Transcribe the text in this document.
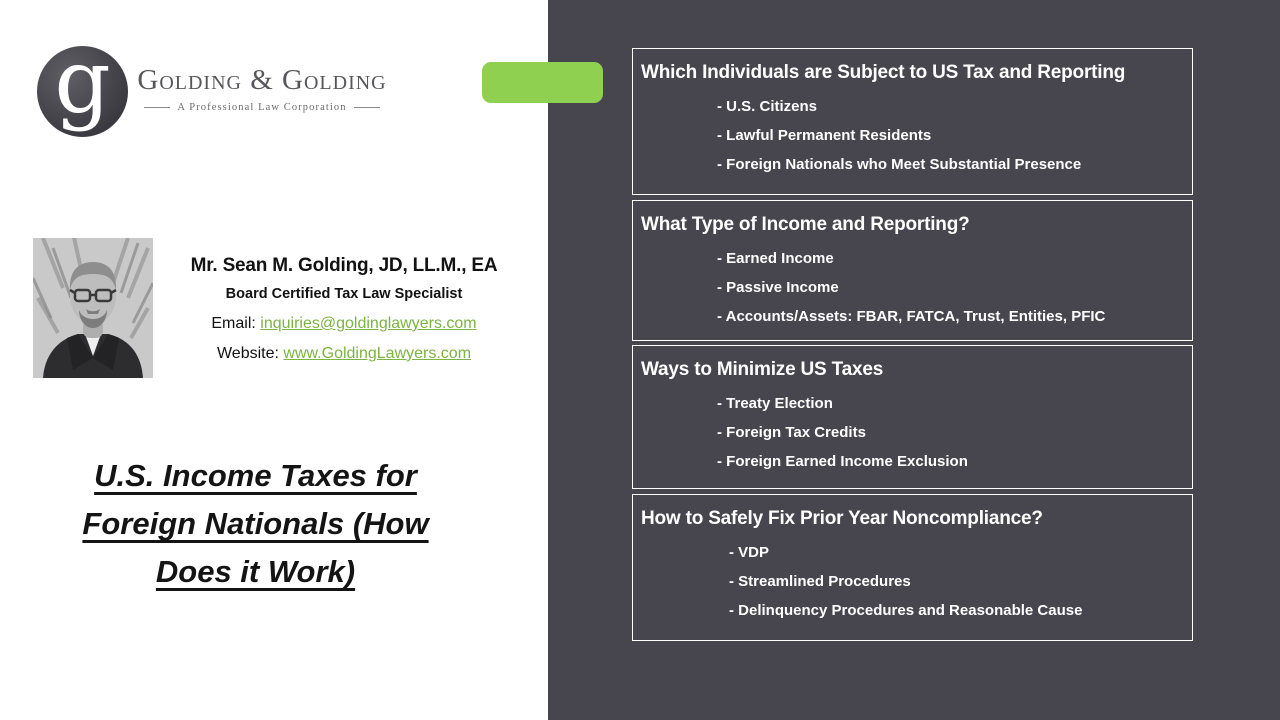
g Golding & Golding
A Professional Law Corporation
Mr. Sean M. Golding, JD, LL.M., EA
Board Certified Tax Law Specialist
Email: inquiries@goldinglawyers.com
Website: www.GoldingLawyers.com
U.S. Income Taxes for
Foreign Nationals (How
Does it Work)
Which Individuals are Subject to US Tax and Reporting
- U.S. Citizens
- Lawful Permanent Residents
- Foreign Nationals who Meet Substantial Presence
What Type of Income and Reporting?
- Earned Income
- Passive Income
- Accounts/Assets: FBAR, FATCA, Trust, Entities, PFIC
Ways to Minimize US Taxes
- Treaty Election
- Foreign Tax Credits
- Foreign Earned Income Exclusion
How to Safely Fix Prior Year Noncompliance?
- VDP
- Streamlined Procedures
- Delinquency Procedures and Reasonable Cause
